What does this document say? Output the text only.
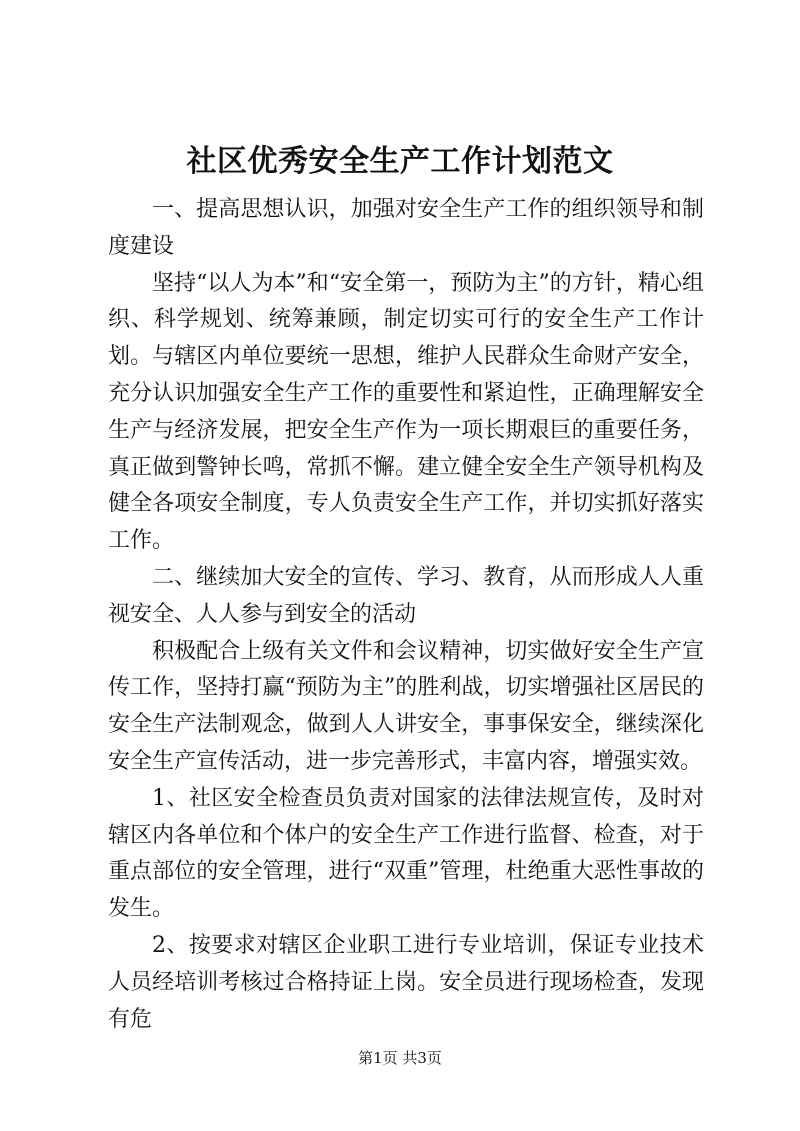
社区优秀安全生产工作计划范文

一、提高思想认识，加强对安全生产工作的组织领导和制度建设

坚持“以人为本”和“安全第一，预防为主”的方针，精心组织、科学规划、统筹兼顾，制定切实可行的安全生产工作计划。与辖区内单位要统一思想，维护人民群众生命财产安全，充分认识加强安全生产工作的重要性和紧迫性，正确理解安全生产与经济发展，把安全生产作为一项长期艰巨的重要任务，真正做到警钟长鸣，常抓不懈。建立健全安全生产领导机构及健全各项安全制度，专人负责安全生产工作，并切实抓好落实工作。

二、继续加大安全的宣传、学习、教育，从而形成人人重视安全、人人参与到安全的活动

积极配合上级有关文件和会议精神，切实做好安全生产宣传工作，坚持打赢“预防为主”的胜利战，切实增强社区居民的安全生产法制观念，做到人人讲安全，事事保安全，继续深化安全生产宣传活动，进一步完善形式，丰富内容，增强实效。

1、社区安全检查员负责对国家的法律法规宣传，及时对辖区内各单位和个体户的安全生产工作进行监督、检查，对于重点部位的安全管理，进行“双重”管理，杜绝重大恶性事故的发生。

2、按要求对辖区企业职工进行专业培训，保证专业技术人员经培训考核过合格持证上岗。安全员进行现场检查，发现有危

第1页 共3页
